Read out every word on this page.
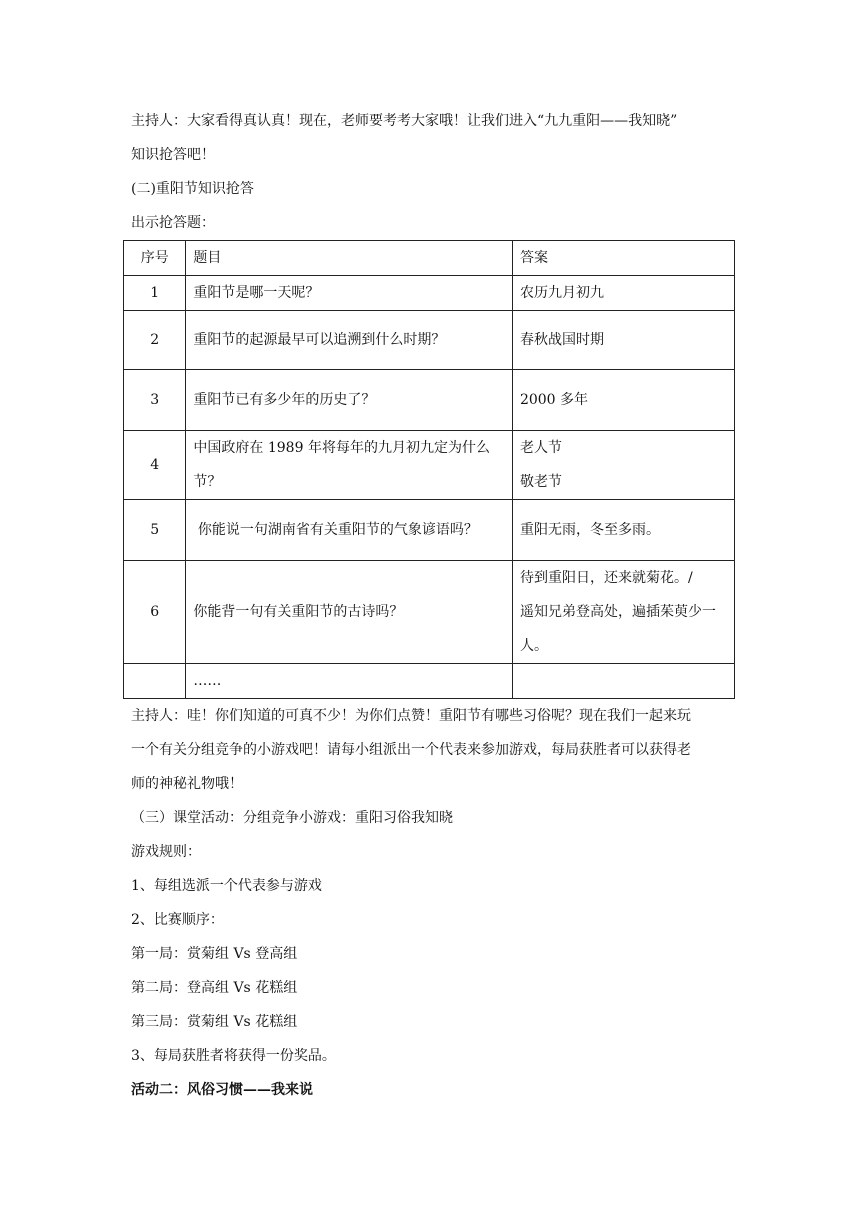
主持人：大家看得真认真！现在，老师要考考大家哦！让我们进入“九九重阳——我知晓”

知识抢答吧！

(二)重阳节知识抢答

出示抢答题：

序号	题目	答案
1	重阳节是哪一天呢？	农历九月初九

2	重阳节的起源最早可以追溯到什么时期？	春秋战国时期

3	重阳节已有多少年的历史了？	2000 多年

4	中国政府在 1989 年将每年的九月初九定为什么节？	老人节
敬老节

5	你能说一句湖南省有关重阳节的气象谚语吗？	重阳无雨，冬至多雨。

6	你能背一句有关重阳节的古诗吗？	待到重阳日，还来就菊花。/
遥知兄弟登高处，遍插茱萸少一
人。

	……	

主持人：哇！你们知道的可真不少！为你们点赞！重阳节有哪些习俗呢？现在我们一起来玩

一个有关分组竞争的小游戏吧！请每小组派出一个代表来参加游戏，每局获胜者可以获得老

师的神秘礼物哦！

（三）课堂活动：分组竞争小游戏：重阳习俗我知晓

游戏规则：

1、每组选派一个代表参与游戏

2、比赛顺序：

第一局：赏菊组 Vs 登高组

第二局：登高组 Vs 花糕组

第三局：赏菊组 Vs 花糕组

3、每局获胜者将获得一份奖品。

活动二：风俗习惯——我来说
